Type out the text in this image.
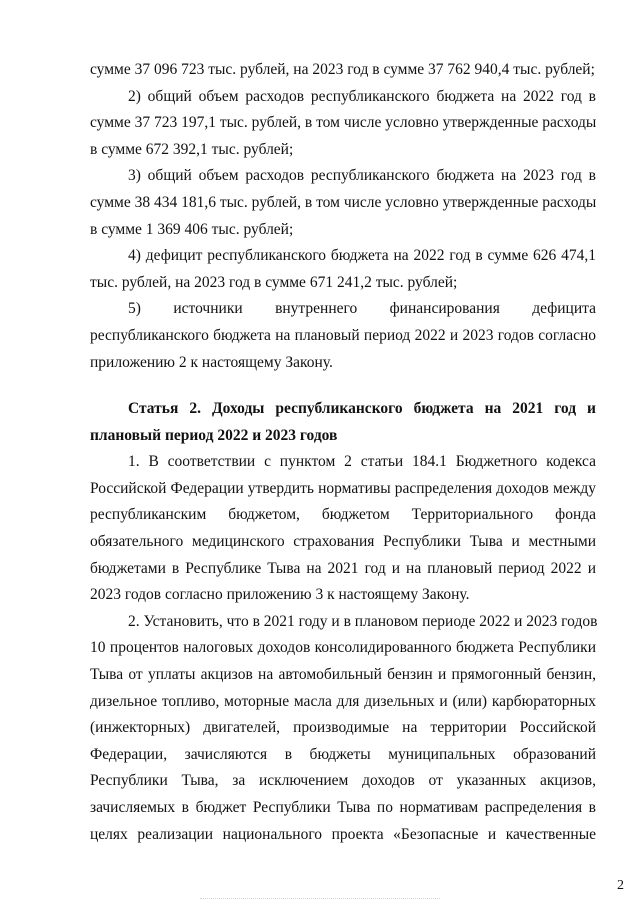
сумме 37 096 723 тыс. рублей, на 2023 год в сумме 37 762 940,4 тыс. рублей;
2) общий объем расходов республиканского бюджета на 2022 год в
сумме 37 723 197,1 тыс. рублей, в том числе условно утвержденные расходы
в сумме 672 392,1 тыс. рублей;
3) общий объем расходов республиканского бюджета на 2023 год в
сумме 38 434 181,6 тыс. рублей, в том числе условно утвержденные расходы
в сумме 1 369 406 тыс. рублей;
4) дефицит республиканского бюджета на 2022 год в сумме 626 474,1
тыс. рублей, на 2023 год в сумме 671 241,2 тыс. рублей;
5) источники внутреннего финансирования дефицита
республиканского бюджета на плановый период 2022 и 2023 годов согласно
приложению 2 к настоящему Закону.
Статья 2. Доходы республиканского бюджета на 2021 год и
плановый период 2022 и 2023 годов
1. В соответствии с пунктом 2 статьи 184.1 Бюджетного кодекса
Российской Федерации утвердить нормативы распределения доходов между
республиканским бюджетом, бюджетом Территориального фонда
обязательного медицинского страхования Республики Тыва и местными
бюджетами в Республике Тыва на 2021 год и на плановый период 2022 и
2023 годов согласно приложению 3 к настоящему Закону.
2. Установить, что в 2021 году и в плановом периоде 2022 и 2023 годов
10 процентов налоговых доходов консолидированного бюджета Республики
Тыва от уплаты акцизов на автомобильный бензин и прямогонный бензин,
дизельное топливо, моторные масла для дизельных и (или) карбюраторных
(инжекторных) двигателей, производимые на территории Российской
Федерации, зачисляются в бюджеты муниципальных образований
Республики Тыва, за исключением доходов от указанных акцизов,
зачисляемых в бюджет Республики Тыва по нормативам распределения в
целях реализации национального проекта «Безопасные и качественные
2
